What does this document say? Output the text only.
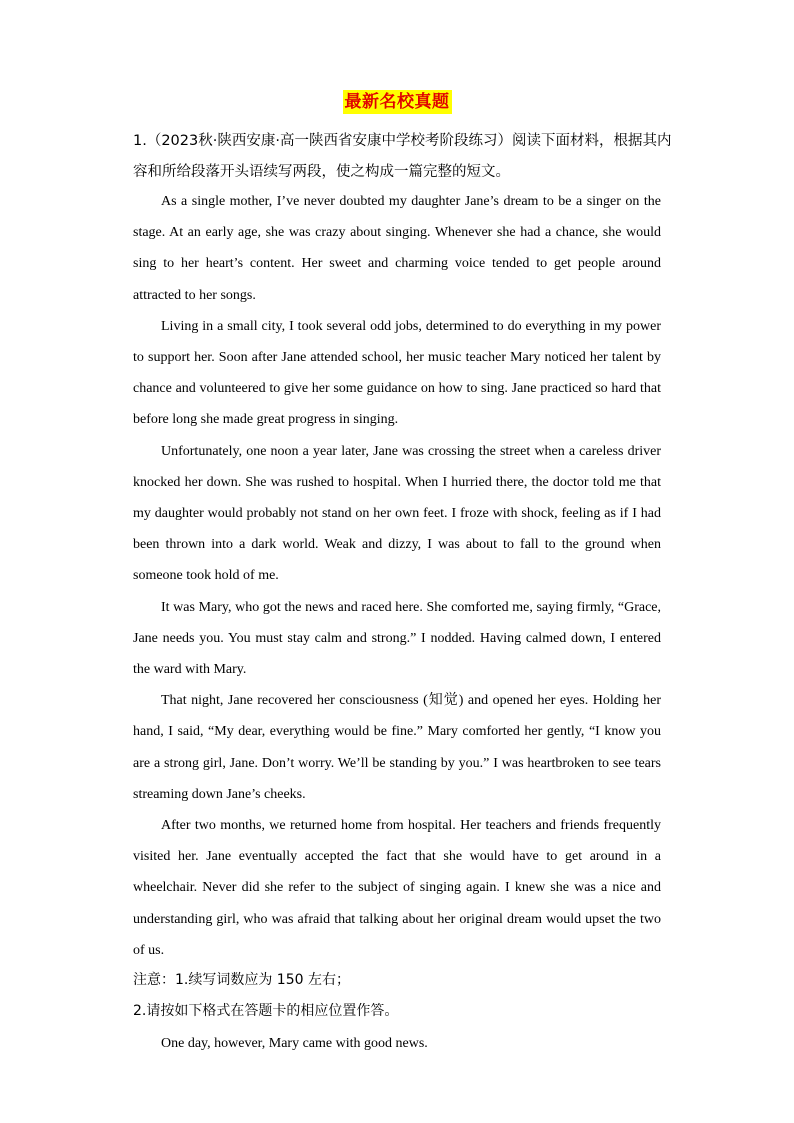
最新名校真题
1.（2023秋·陕西安康·高一陕西省安康中学校考阶段练习）阅读下面材料，根据其内容和所给段落开头语续写两段，使之构成一篇完整的短文。

As a single mother, I’ve never doubted my daughter Jane’s dream to be a singer on the stage. At an early age, she was crazy about singing. Whenever she had a chance, she would sing to her heart’s content. Her sweet and charming voice tended to get people around attracted to her songs.

Living in a small city, I took several odd jobs, determined to do everything in my power to support her. Soon after Jane attended school, her music teacher Mary noticed her talent by chance and volunteered to give her some guidance on how to sing. Jane practiced so hard that before long she made great progress in singing.

Unfortunately, one noon a year later, Jane was crossing the street when a careless driver knocked her down. She was rushed to hospital. When I hurried there, the doctor told me that my daughter would probably not stand on her own feet. I froze with shock, feeling as if I had been thrown into a dark world. Weak and dizzy, I was about to fall to the ground when someone took hold of me.

It was Mary, who got the news and raced here. She comforted me, saying firmly, “Grace, Jane needs you. You must stay calm and strong.” I nodded. Having calmed down, I entered the ward with Mary.

That night, Jane recovered her consciousness (知觉) and opened her eyes. Holding her hand, I said, “My dear, everything would be fine.” Mary comforted her gently, “I know you are a strong girl, Jane. Don’t worry. We’ll be standing by you.” I was heartbroken to see tears streaming down Jane’s cheeks.

After two months, we returned home from hospital. Her teachers and friends frequently visited her. Jane eventually accepted the fact that she would have to get around in a wheelchair. Never did she refer to the subject of singing again. I knew she was a nice and understanding girl, who was afraid that talking about her original dream would upset the two of us.

注意：1.续写词数应为 150 左右；
2.请按如下格式在答题卡的相应位置作答。
One day, however, Mary came with good news.
